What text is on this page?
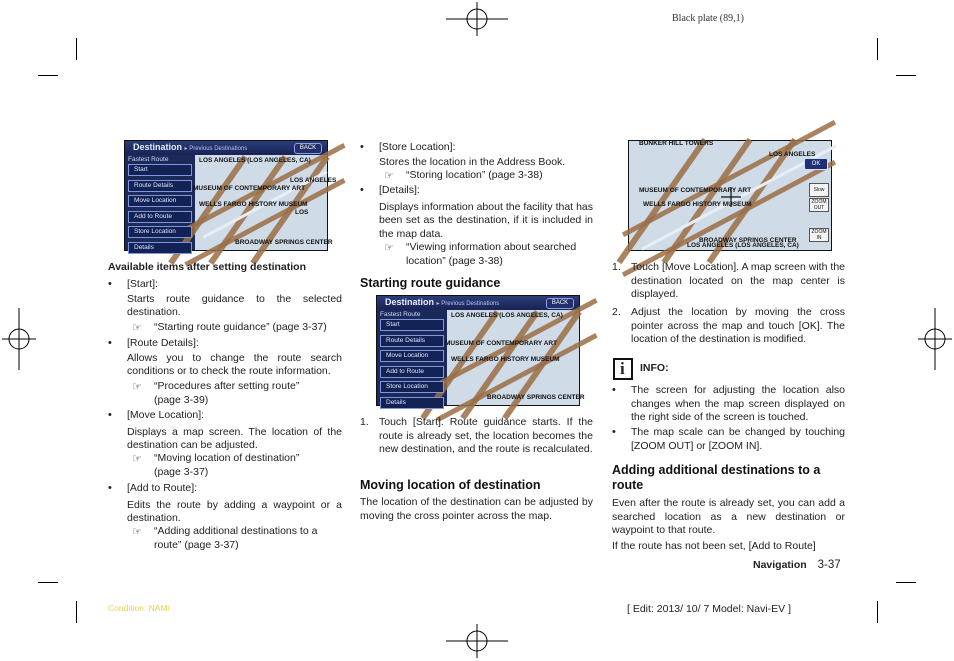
Black plate (89,1)
Destination ▸ Previous Destinations	BACK
LOS ANGELES (LOS ANGELES, CA)
MUSEUM OF CONTEMPORARY ART
WELLS FARGO HISTORY MUSEUM
LOS ANGELES
BROADWAY SPRINGS CENTER
LOS
Fastest Route
Start
Route Details
Move Location
Add to Route
Store Location
Details
Available items after setting destination
• [Start]:
Starts route guidance to the selected destination.
☞	“Starting route guidance” (page 3-37)
• [Route Details]:
Allows you to change the route search conditions or to check the route information.
☞	“Procedures after setting route”
(page 3-39)
• [Move Location]:
Displays a map screen. The location of the destination can be adjusted.
☞	“Moving location of destination”
(page 3-37)
• [Add to Route]:
Edits the route by adding a waypoint or a destination.
☞	“Adding additional destinations to a
route” (page 3-37)
• [Store Location]:
Stores the location in the Address Book.
☞	“Storing location” (page 3-38)
• [Details]:
Displays information about the facility that has been set as the destination, if it is included in the map data.
☞	“Viewing information about searched
location” (page 3-38)
Starting route guidance
Destination ▸ Previous Destinations	BACK
LOS ANGELES (LOS ANGELES, CA)
MUSEUM OF CONTEMPORARY ART
WELLS FARGO HISTORY MUSEUM
BROADWAY SPRINGS CENTER
Fastest Route
Start
Route Details
Move Location
Add to Route
Store Location
Details
1. Touch [Start]. Route guidance starts. If the route is already set, the location becomes the new destination, and the route is recalculated.
Moving location of destination
The location of the destination can be adjusted by moving the cross pointer across the map.
BUNKER HILL TOWERS
LOS ANGELES
MUSEUM OF CONTEMPORARY ART
WELLS FARGO HISTORY MUSEUM
BROADWAY SPRINGS CENTER
LOS ANGELES (LOS ANGELES, CA)
OK
Slow
ZOOM OUT
ZOOM IN
1. Touch [Move Location]. A map screen with the destination located on the map center is displayed.
2. Adjust the location by moving the cross pointer across the map and touch [OK]. The location of the destination is modified.
i
INFO:
• The screen for adjusting the location also changes when the map screen displayed on the right side of the screen is touched.
• The map scale can be changed by touching [ZOOM OUT] or [ZOOM IN].
Adding additional destinations to a route
Even after the route is already set, you can add a searched location as a new destination or waypoint to that route.
If the route has not been set, [Add to Route]
Navigation 3-37
Condition: NAM/	[ Edit: 2013/ 10/ 7 Model: Navi-EV ]
